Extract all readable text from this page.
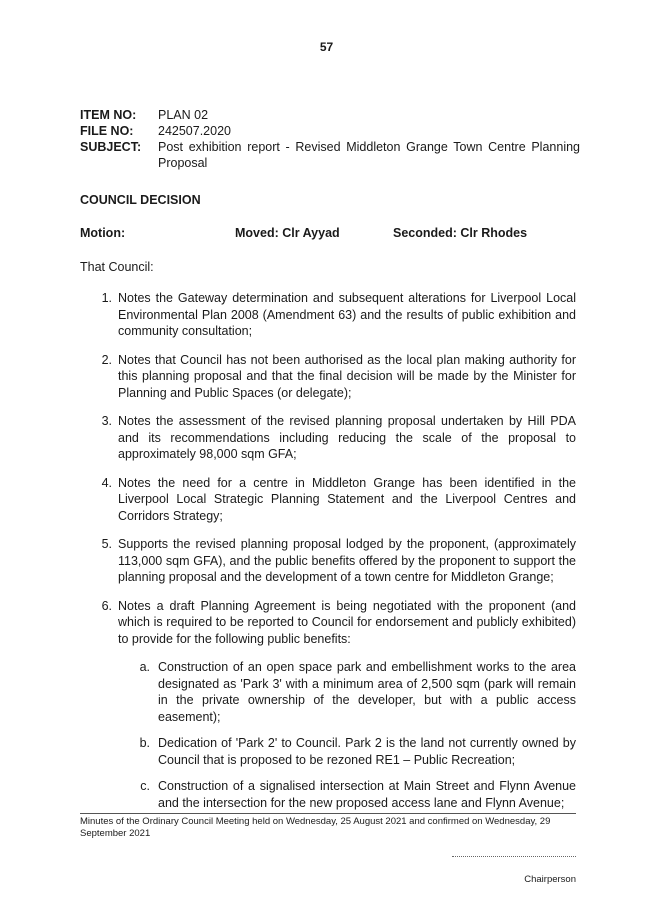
57
ITEM NO:	PLAN 02
FILE NO:	242507.2020
SUBJECT:	Post exhibition report - Revised Middleton Grange Town Centre Planning Proposal
COUNCIL DECISION
Motion:	Moved: Clr Ayyad	Seconded: Clr Rhodes
That Council:
1. Notes the Gateway determination and subsequent alterations for Liverpool Local Environmental Plan 2008 (Amendment 63) and the results of public exhibition and community consultation;
2. Notes that Council has not been authorised as the local plan making authority for this planning proposal and that the final decision will be made by the Minister for Planning and Public Spaces (or delegate);
3. Notes the assessment of the revised planning proposal undertaken by Hill PDA and its recommendations including reducing the scale of the proposal to approximately 98,000 sqm GFA;
4. Notes the need for a centre in Middleton Grange has been identified in the Liverpool Local Strategic Planning Statement and the Liverpool Centres and Corridors Strategy;
5. Supports the revised planning proposal lodged by the proponent, (approximately 113,000 sqm GFA), and the public benefits offered by the proponent to support the planning proposal and the development of a town centre for Middleton Grange;
6. Notes a draft Planning Agreement is being negotiated with the proponent (and which is required to be reported to Council for endorsement and publicly exhibited) to provide for the following public benefits:
a. Construction of an open space park and embellishment works to the area designated as 'Park 3' with a minimum area of 2,500 sqm (park will remain in the private ownership of the developer, but with a public access easement);
b. Dedication of 'Park 2' to Council. Park 2 is the land not currently owned by Council that is proposed to be rezoned RE1 – Public Recreation;
c. Construction of a signalised intersection at Main Street and Flynn Avenue and the intersection for the new proposed access lane and Flynn Avenue;
Minutes of the Ordinary Council Meeting held on Wednesday, 25 August 2021 and confirmed on Wednesday, 29 September 2021
Chairperson
